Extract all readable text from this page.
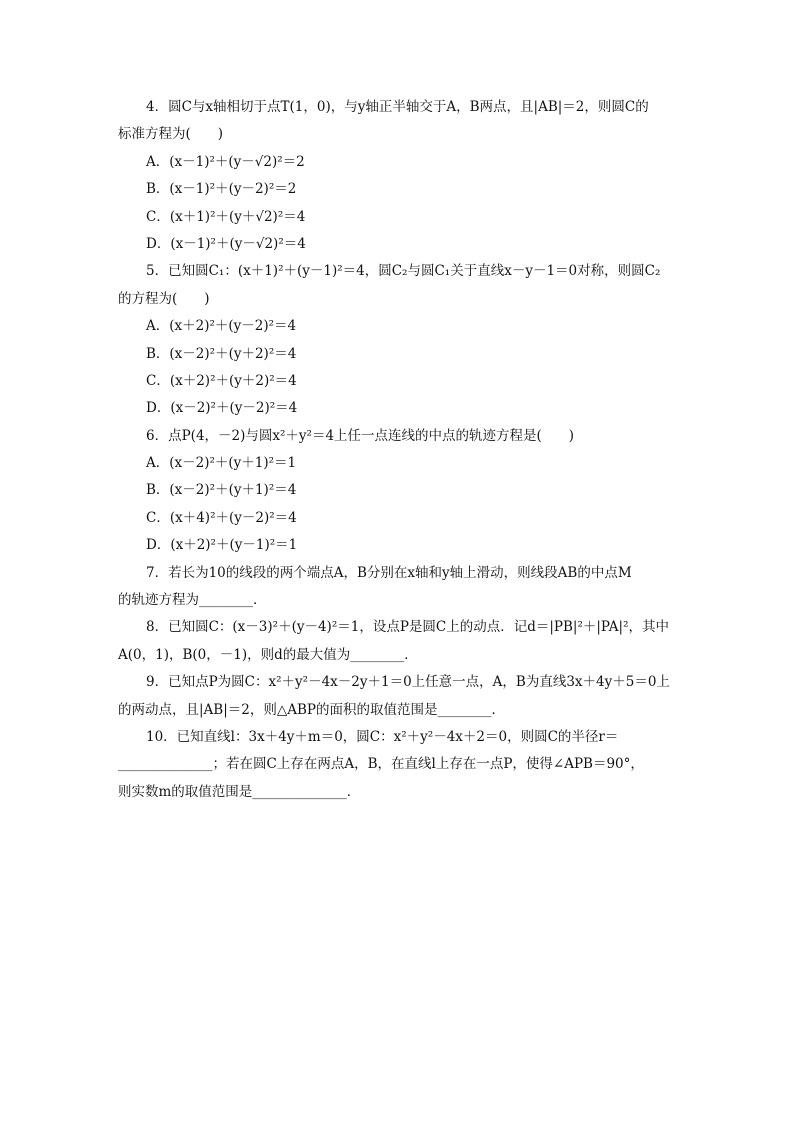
4．圆C与x轴相切于点T(1，0)，与y轴正半轴交于A，B两点，且|AB|＝2，则圆C的
标准方程为(　　)
A．(x－1)²＋(y－√2)²＝2
B．(x－1)²＋(y－2)²＝2
C．(x＋1)²＋(y＋√2)²＝4
D．(x－1)²＋(y－√2)²＝4
5．已知圆C₁：(x＋1)²＋(y－1)²＝4，圆C₂与圆C₁关于直线x－y－1＝0对称，则圆C₂
的方程为(　　)
A．(x＋2)²＋(y－2)²＝4
B．(x－2)²＋(y＋2)²＝4
C．(x＋2)²＋(y＋2)²＝4
D．(x－2)²＋(y－2)²＝4
6．点P(4，－2)与圆x²＋y²＝4上任一点连线的中点的轨迹方程是(　　)
A．(x－2)²＋(y＋1)²＝1
B．(x－2)²＋(y＋1)²＝4
C．(x＋4)²＋(y－2)²＝4
D．(x＋2)²＋(y－1)²＝1
7．若长为10的线段的两个端点A，B分别在x轴和y轴上滑动，则线段AB的中点M
的轨迹方程为________．
8．已知圆C：(x－3)²＋(y－4)²＝1，设点P是圆C上的动点．记d＝|PB|²＋|PA|²，其中
A(0，1)，B(0，－1)，则d的最大值为________．
9．已知点P为圆C：x²＋y²－4x－2y＋1＝0上任意一点，A，B为直线3x＋4y＋5＝0上
的两动点，且|AB|＝2，则△ABP的面积的取值范围是________．
10．已知直线l：3x＋4y＋m＝0，圆C：x²＋y²－4x＋2＝0，则圆C的半径r＝
______________；若在圆C上存在两点A，B，在直线l上存在一点P，使得∠APB＝90°，
则实数m的取值范围是______________．
